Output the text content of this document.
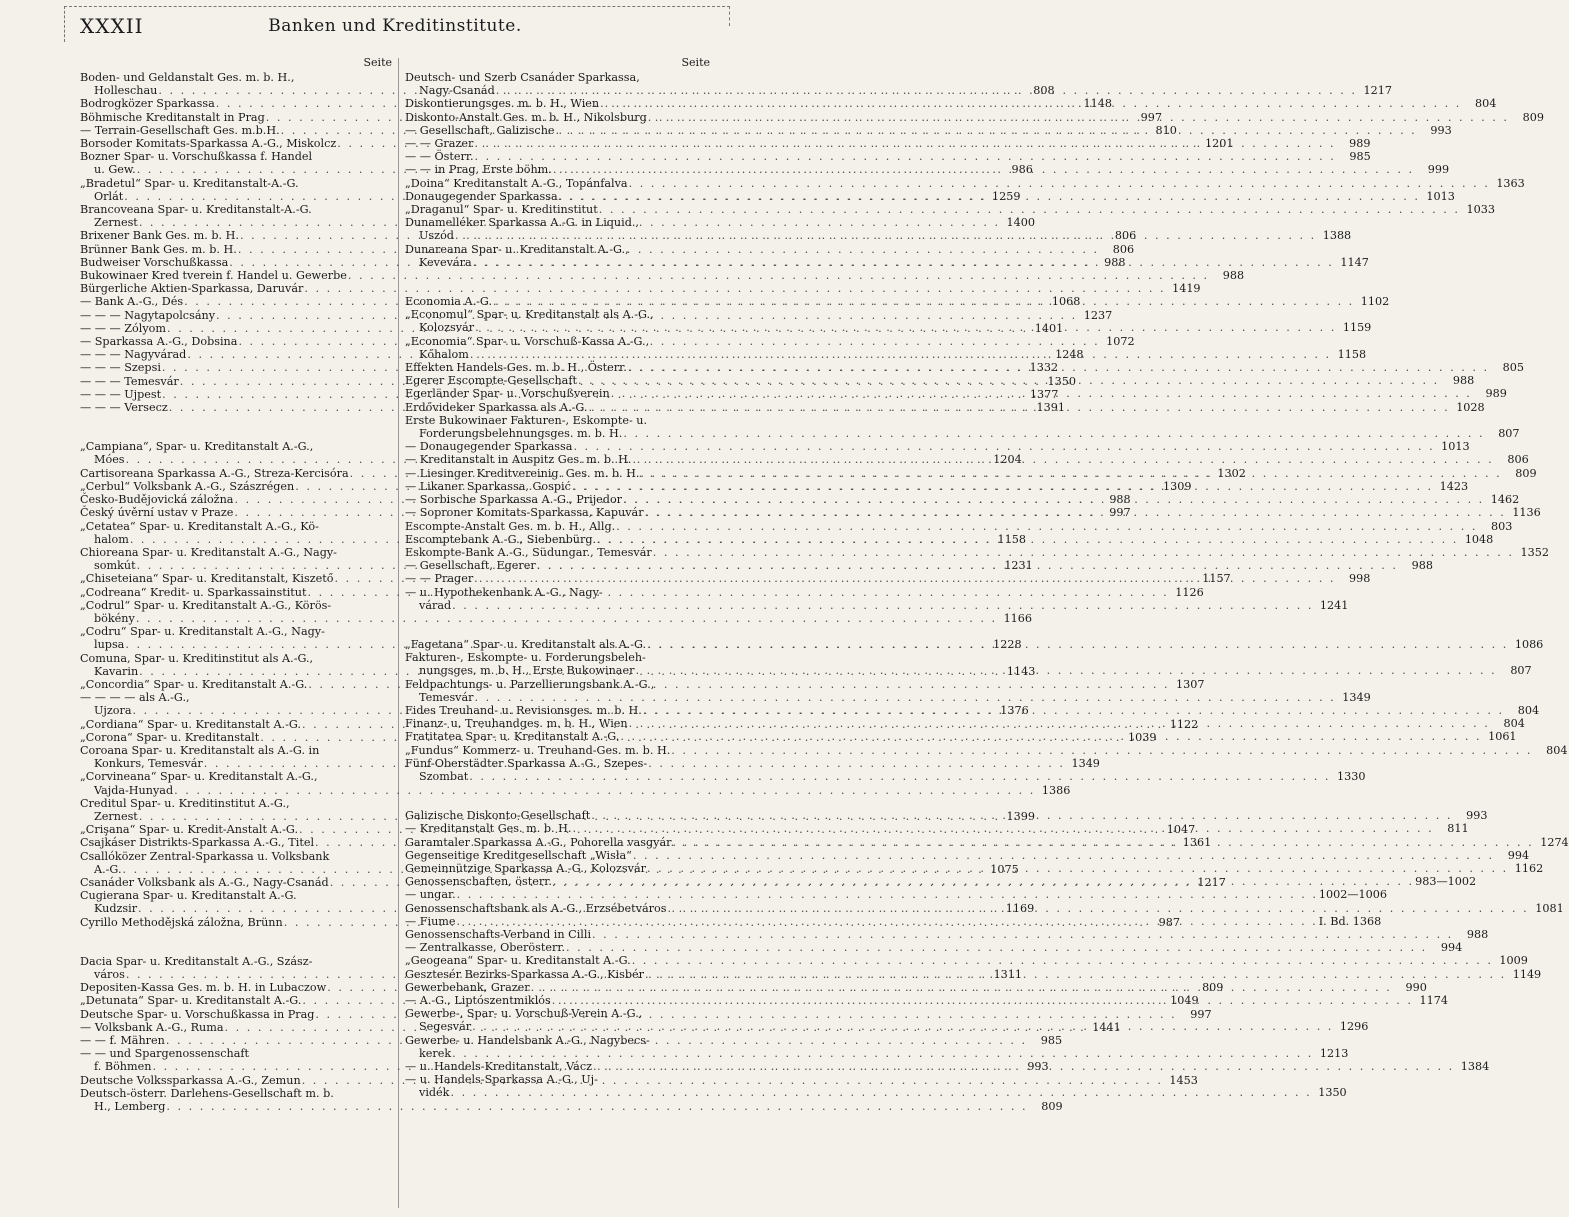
XXXII	Banken und Kreditinstitute.
Seite
Boden- und Geldanstalt Ges. m. b. H.,
Holleschau . . .	808
Bodrogközer Sparkassa . . .	1148
Böhmische Kreditanstalt in Prag . . .	997
— Terrain-Gesellschaft Ges. m.b.H. . . .	810
Borsoder Komitats-Sparkassa A.-G., Miskolcz . . .	1201
Bozner Spar- u. Vorschußkassa f. Handel
u. Gew. . . .	986
„Bradetul“ Spar- u. Kreditanstalt-A.-G.
Orlát . . .	1259
Brancoveana Spar- u. Kreditanstalt-A.-G.
Zernest . . .	1400
Brixener Bank Ges. m. b. H. . . .	806
Brünner Bank Ges. m. b. H. . . .	806
Budweiser Vorschußkassa . . .	988
Bukowinaer Kred tverein f. Handel u. Gewerbe . . .	988
Bürgerliche Aktien-Sparkassa, Daruvár . . .	1419
— Bank A.-G., Dés . . .	1068
— — — Nagytapolcsány . . .	1237
— — — Zólyom . . .	1401
— Sparkassa A.-G., Dobsina . . .	1072
— — — Nagyvárad . . .	1248
— — — Szepsi . . .	1332
— — — Temesvár . . .	1350
— — — Ujpest . . .	1377
— — — Versecz . . .	1391
„Campiana“, Spar- u. Kreditanstalt A.-G.,
Móes . . .	1204
Cartisoreana Sparkassa A.-G., Streza-Kercisóra . . .	1302
„Cerbul“ Volksbank A.-G., Szászrégen . . .	1309
Česko-Budějovická záložna . . .	988
Český úvěrní ustav v Praze . . .	997
„Cetatea“ Spar- u. Kreditanstalt A.-G., Kö-
halom . . .	1158
Chioreana Spar- u. Kreditanstalt A.-G., Nagy-
somkút . . .	1231
„Chiseteiana“ Spar- u. Kreditanstalt, Kiszető . . .	1157
„Codreana“ Kredit- u. Sparkassainstitut . . .	1126
„Codrul“ Spar- u. Kreditanstalt A.-G., Körös-
bökény . . .	1166
„Codru“ Spar- u. Kreditanstalt A.-G., Nagy-
lupsa . . .	1228
Comuna, Spar- u. Kreditinstitut als A.-G.,
Kavarin . . .	1143
„Concordia“ Spar- u. Kreditanstalt A.-G. . . .	1307
— — — — als A.-G.,
Ujzora . . .	1376
„Cordiana“ Spar- u. Kreditanstalt A.-G. . . .	1122
„Corona“ Spar- u. Kreditanstalt . . .	1039
Coroana Spar- u. Kreditanstalt als A.-G. in
Konkurs, Temesvár . . .	1349
„Corvineana“ Spar- u. Kreditanstalt A.-G.,
Vajda-Hunyad . . .	1386
Creditul Spar- u. Kreditinstitut A.-G.,
Zernest . . .	1399
„Crişana“ Spar- u. Kredit-Anstalt A.-G. . . .	1047
Csajkáser Distrikts-Sparkassa A.-G., Titel . . .	1361
Csallóközer Zentral-Sparkassa u. Volksbank
A.-G. . . .	1075
Csanáder Volksbank als A.-G., Nagy-Csanád . . .	1217
Cugierana Spar- u. Kreditanstalt A.-G.
Kudzsir . . .	1169
Cyrillo Methodějská záložna, Brünn . . .	987
Dacia Spar- u. Kreditanstalt A.-G., Szász-
város . . .	1311
Depositen-Kassa Ges. m. b. H. in Lubaczow . . .	809
„Detunata“ Spar- u. Kreditanstalt A.-G. . . .	1049
Deutsche Spar- u. Vorschußkassa in Prag . . .	997
— Volksbank A.-G., Ruma . . .	1441
— — f. Mähren . . .	985
— — und Spargenossenschaft
f. Böhmen . . .	993
Deutsche Volkssparkassa A.-G., Zemun . . .	1453
Deutsch-österr. Darlehens-Gesellschaft m. b.
H., Lemberg . . .	809
Seite
Deutsch- und Szerb Csanáder Sparkassa,
Nagy-Csanád . . .	1217
Diskontierungsges. m. b. H., Wien . . .	804
Diskonto-Anstalt Ges. m. b. H., Nikolsburg . . .	809
— Gesellschaft, Galizische . . .	993
— — Grazer . . .	989
— — Österr. . . .	985
— — in Prag, Erste böhm. . . .	999
„Doina“ Kreditanstalt A.-G., Topánfalva . . .	1363
Donaugegender Sparkassa . . .	1013
„Draganul“ Spar- u. Kreditinstitut . . .	1033
Dunamelléker Sparkassa A.-G. in Liquid.,
Uszód . . .	1388
Dunareana Spar- u. Kreditanstalt A.-G.,
Kevevára . . .	1147
Economia A.-G. . . .	1102
„Economul“ Spar- u. Kreditanstalt als A.-G.,
Kolozsvár . . .	1159
„Economia“ Spar- u. Vorschuß-Kassa A.-G.,
Kőhalom . . .	1158
Effekten Handels-Ges. m. b. H., Österr. . . .	805
Egerer Escompte-Gesellschaft . . .	988
Egerländer Spar- u. Vorschußverein . . .	989
Erdővideker Sparkassa als A.-G. . . .	1028
Erste Bukowinaer Fakturen-, Eskompte- u.
Forderungsbelehnungsges. m. b. H. . . .	807
— Donaugegender Sparkassa . . .	1013
— Kreditanstalt in Auspitz Ges. m. b. H. . . .	806
— Liesinger Kreditvereinig. Ges. m. b. H. . . .	809
— Likaner Sparkassa, Gospić . . .	1423
— Sorbische Sparkassa A.-G., Prijedor . . .	1462
— Soproner Komitats-Sparkassa, Kapuvár . . .	1136
Escompte-Anstalt Ges. m. b. H., Allg. . . .	803
Escomptebank A.-G., Siebenbürg. . . .	1048
Eskompte-Bank A.-G., Südungar., Temesvár . . .	1352
— Gesellschaft, Egerer . . .	988
— — Prager . . .	998
— u. Hypothekenbank A.-G., Nagy-
várad . . .	1241
„Fagetana“ Spar- u. Kreditanstalt als A.-G. . . .	1086
Fakturen-, Eskompte- u. Forderungsbeleh-
nungsges. m. b. H., Erste Bukowinaer . . .	807
Feldpachtungs- u. Parzellierungsbank A.-G.,
Temesvár . . .	1349
Fides Treuhand- u. Revisionsges. m. b. H. . . .	804
Finanz- u. Treuhandges. m. b. H., Wien . . .	804
Fratitatea Spar- u. Kreditanstalt A.-G. . . .	1061
„Fundus“ Kommerz- u. Treuhand-Ges. m. b. H. . . .	804
Fünf-Oberstädter Sparkassa A.-G., Szepes-
Szombat . . .	1330
Galizische Diskonto-Gesellschaft . . .	993
— Kreditanstalt Ges. m. b. H. . . .	811
Garamtaler Sparkassa A.-G., Pohorella vasgyár . . .	1274
Gegenseitige Kreditgesellschaft „Wisła“ . . .	994
Gemeinnützige Sparkassa A.-G., Kolozsvár . . .	1162
Genossenschaften, österr. . . .	983—1002
— ungar. . . .	1002—1006
Genossenschaftsbank als A.-G., Erzsébetváros . . .	1081
— Fiume . . .	I. Bd. 1368
Genossenschafts-Verband in Cilli . . .	988
— Zentralkasse, Oberösterr. . . .	994
„Geogeana“ Spar- u. Kreditanstalt A.-G. . . .	1009
Gesztesér Bezirks-Sparkassa A.-G., Kisbér . . .	1149
Gewerbebank, Grazer . . .	990
— A.-G., Liptószentmiklós . . .	1174
Gewerbe-, Spar- u. Vorschuß-Verein A.-G.,
Segesvár . . .	1296
Gewerbe- u. Handelsbank A.-G., Nagybecs-
kerek . . .	1213
— u. Handels-Kreditanstalt, Vácz . . .	1384
— u. Handels-Sparkassa A.-G., Uj-
vidék . . .	1350
